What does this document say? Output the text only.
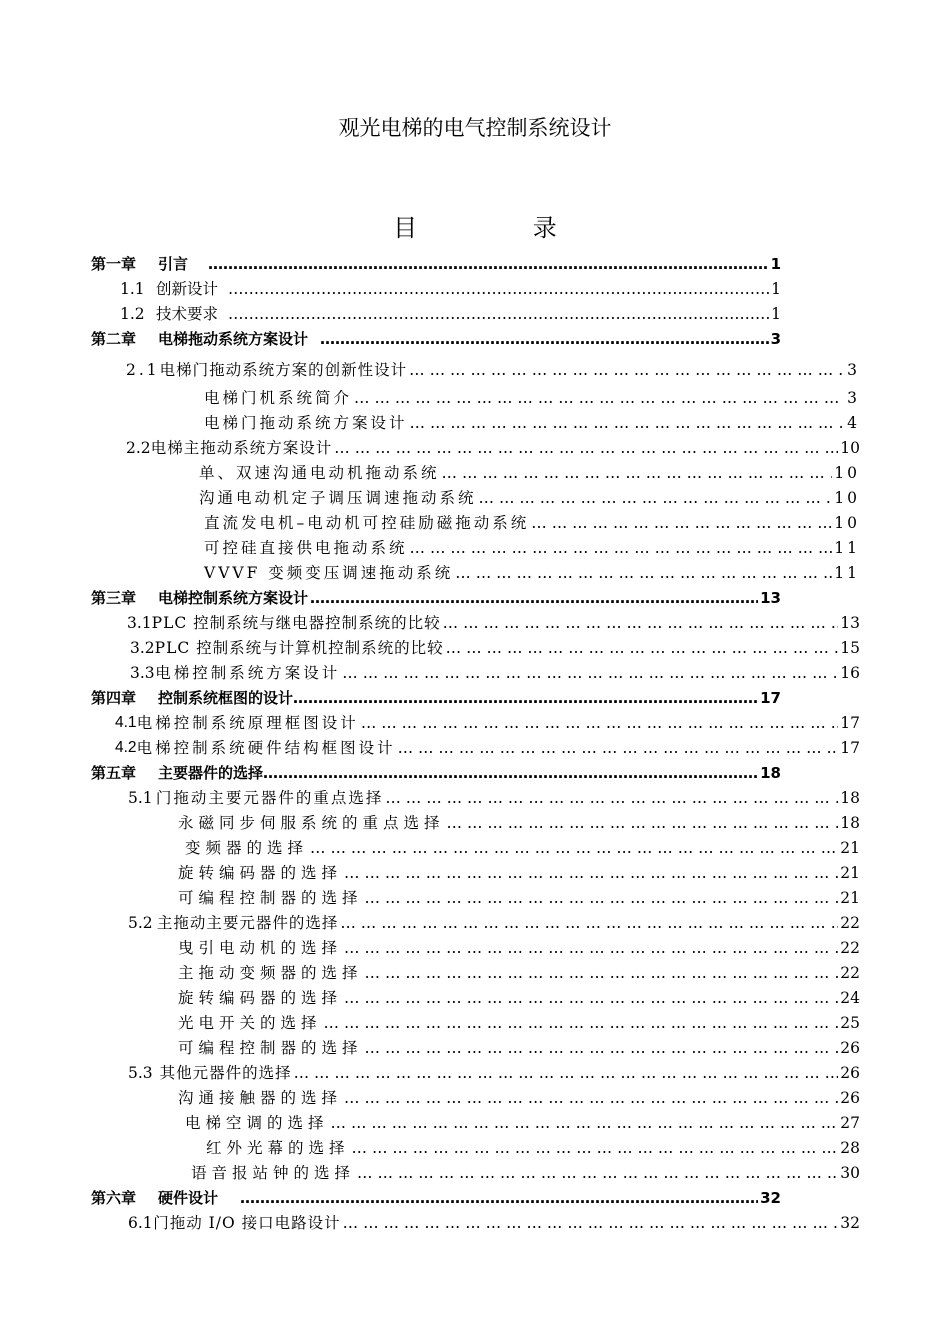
观光电梯的电气控制系统设计
目 录
第一章 引言 …………………………………………………………………………………………………………………………………………………………………………	1
1.1 创新设计 …………………………………………………………………………………………………………………………………………………………………………	1
1.2 技术要求 …………………………………………………………………………………………………………………………………………………………………………	1
第二章 电梯拖动系统方案设计 …………………………………………………………………………………………………………………………………………………………………………	3
2.1 电梯门拖动系统方案的创新性设计 … … … … … … … … … … … … … … … … … … … … … … … … … … … … … … … … … … … … … … … … … … … … … … … … … … … … … … … …	3
电梯门机系统简介 … … … … … … … … … … … … … … … … … … … … … … … … … … … … … … … … … … … … … … … … … … … … … … … … … … … … … … … …	3
电梯门拖动系统方案设计 … … … … … … … … … … … … … … … … … … … … … … … … … … … … … … … … … … … … … … … … … … … … … … … … … … … … … … … …	4
2.2 电梯主拖动系统方案设计 … … … … … … … … … … … … … … … … … … … … … … … … … … … … … … … … … … … … … … … … … … … … … … … … … … … … … … … …	10
单、双速沟通电动机拖动系统 … … … … … … … … … … … … … … … … … … … … … … … … … … … … … … … … … … … … … … … … … … … … … … … … … … … … … … … …	10
沟通电动机定子调压调速拖动系统 … … … … … … … … … … … … … … … … … … … … … … … … … … … … … … … … … … … … … … … … … … … … … … … … … … … … … … … …	10
直流发电机–电动机可控硅励磁拖动系统 … … … … … … … … … … … … … … … … … … … … … … … … … … … … … … … … … … … … … … … … … … … … … … … … … … … … … … … …	10
可控硅直接供电拖动系统 … … … … … … … … … … … … … … … … … … … … … … … … … … … … … … … … … … … … … … … … … … … … … … … … … … … … … … … …	11
VVVF 变频变压调速拖动系统 … … … … … … … … … … … … … … … … … … … … … … … … … … … … … … … … … … … … … … … … … … … … … … … … … … … … … … … …	11
第三章 电梯控制系统方案设计 …………………………………………………………………………………………………………………………………………………………………………	13
3.1 PLC 控制系统与继电器控制系统的比较 … … … … … … … … … … … … … … … … … … … … … … … … … … … … … … … … … … … … … … … … … … … … … … … … … … … … … … … …	13
3.2 PLC 控制系统与计算机控制系统的比较 … … … … … … … … … … … … … … … … … … … … … … … … … … … … … … … … … … … … … … … … … … … … … … … … … … … … … … … …	15
3.3 电梯控制系统方案设计 … … … … … … … … … … … … … … … … … … … … … … … … … … … … … … … … … … … … … … … … … … … … … … … … … … … … … … … …	16
第四章 控制系统框图的设计 …………………………………………………………………………………………………………………………………………………………………………	17
4.1 电梯控制系统原理框图设计 … … … … … … … … … … … … … … … … … … … … … … … … … … … … … … … … … … … … … … … … … … … … … … … … … … … … … … … …	17
4.2 电梯控制系统硬件结构框图设计 … … … … … … … … … … … … … … … … … … … … … … … … … … … … … … … … … … … … … … … … … … … … … … … … … … … … … … … …	17
第五章 主要器件的选择 …………………………………………………………………………………………………………………………………………………………………………	18
5.1 门拖动主要元器件的重点选择 … … … … … … … … … … … … … … … … … … … … … … … … … … … … … … … … … … … … … … … … … … … … … … … … … … … … … … … …	18
永磁同步伺服系统的重点选择 … … … … … … … … … … … … … … … … … … … … … … … … … … … … … … … … … … … … … … … … … … … … … … … … … … … … … … … …	18
变频器的选择 … … … … … … … … … … … … … … … … … … … … … … … … … … … … … … … … … … … … … … … … … … … … … … … … … … … … … … … …	21
旋转编码器的选择 … … … … … … … … … … … … … … … … … … … … … … … … … … … … … … … … … … … … … … … … … … … … … … … … … … … … … … … …	21
可编程控制器的选择 … … … … … … … … … … … … … … … … … … … … … … … … … … … … … … … … … … … … … … … … … … … … … … … … … … … … … … … …	21
5.2 主拖动主要元器件的选择 … … … … … … … … … … … … … … … … … … … … … … … … … … … … … … … … … … … … … … … … … … … … … … … … … … … … … … … …	22
曳引电动机的选择 … … … … … … … … … … … … … … … … … … … … … … … … … … … … … … … … … … … … … … … … … … … … … … … … … … … … … … … …	22
主拖动变频器的选择 … … … … … … … … … … … … … … … … … … … … … … … … … … … … … … … … … … … … … … … … … … … … … … … … … … … … … … … …	22
旋转编码器的选择 … … … … … … … … … … … … … … … … … … … … … … … … … … … … … … … … … … … … … … … … … … … … … … … … … … … … … … … …	24
光电开关的选择 … … … … … … … … … … … … … … … … … … … … … … … … … … … … … … … … … … … … … … … … … … … … … … … … … … … … … … … …	25
可编程控制器的选择 … … … … … … … … … … … … … … … … … … … … … … … … … … … … … … … … … … … … … … … … … … … … … … … … … … … … … … … …	26
5.3 其他元器件的选择 … … … … … … … … … … … … … … … … … … … … … … … … … … … … … … … … … … … … … … … … … … … … … … … … … … … … … … … …	26
沟通接触器的选择 … … … … … … … … … … … … … … … … … … … … … … … … … … … … … … … … … … … … … … … … … … … … … … … … … … … … … … … …	26
电梯空调的选择 … … … … … … … … … … … … … … … … … … … … … … … … … … … … … … … … … … … … … … … … … … … … … … … … … … … … … … … …	27
红外光幕的选择 … … … … … … … … … … … … … … … … … … … … … … … … … … … … … … … … … … … … … … … … … … … … … … … … … … … … … … … …	28
语音报站钟的选择 … … … … … … … … … … … … … … … … … … … … … … … … … … … … … … … … … … … … … … … … … … … … … … … … … … … … … … … …	30
第六章 硬件设计 …………………………………………………………………………………………………………………………………………………………………………	32
6.1 门拖动 I/O 接口电路设计 … … … … … … … … … … … … … … … … … … … … … … … … … … … … … … … … … … … … … … … … … … … … … … … … … … … … … … … …	32
